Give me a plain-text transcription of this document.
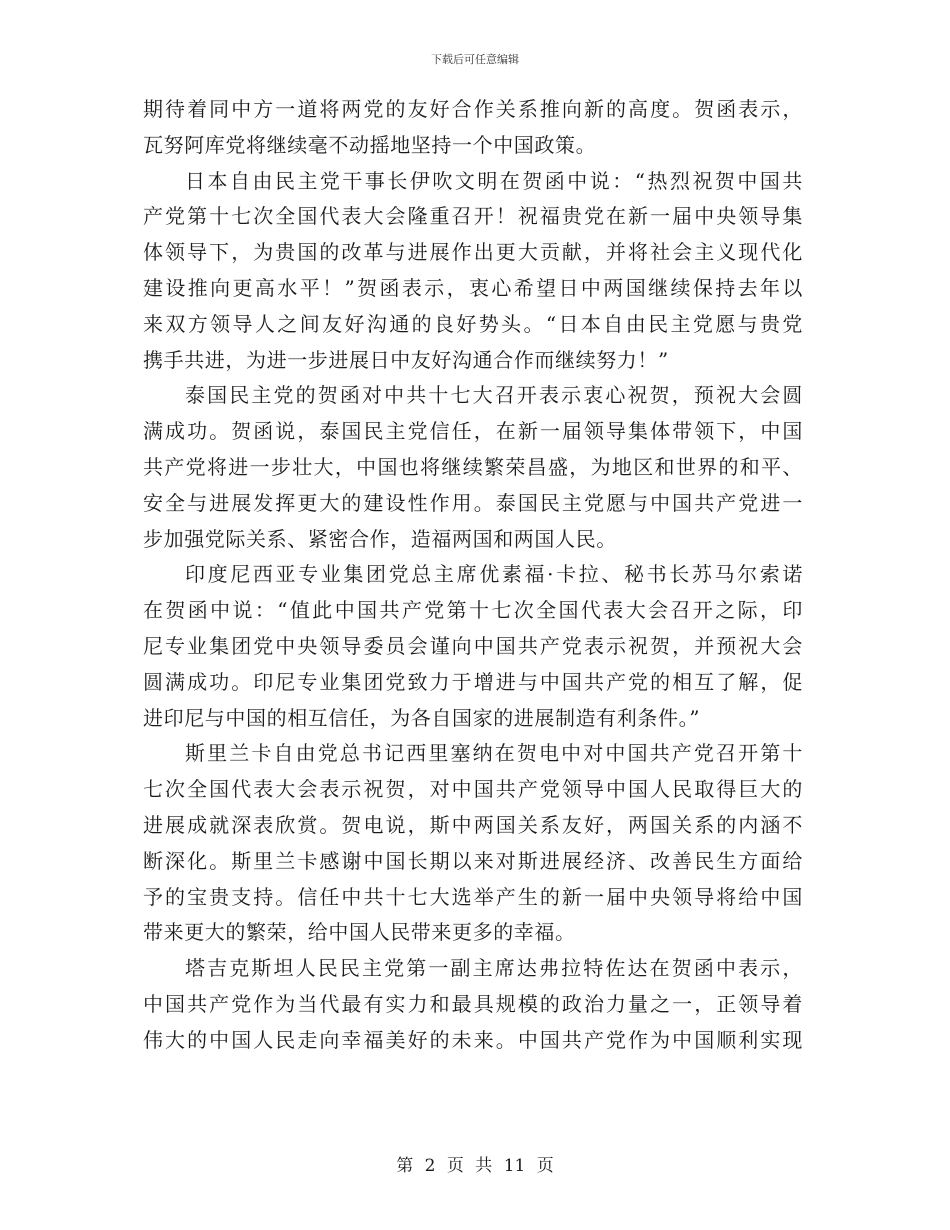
下载后可任意编辑
期待着同中方一道将两党的友好合作关系推向新的高度。贺函表示，
瓦努阿库党将继续毫不动摇地坚持一个中国政策。
日本自由民主党干事长伊吹文明在贺函中说：“热烈祝贺中国共
产党第十七次全国代表大会隆重召开！祝福贵党在新一届中央领导集
体领导下，为贵国的改革与进展作出更大贡献，并将社会主义现代化
建设推向更高水平！”贺函表示，衷心希望日中两国继续保持去年以
来双方领导人之间友好沟通的良好势头。“日本自由民主党愿与贵党
携手共进，为进一步进展日中友好沟通合作而继续努力！”
泰国民主党的贺函对中共十七大召开表示衷心祝贺，预祝大会圆
满成功。贺函说，泰国民主党信任，在新一届领导集体带领下，中国
共产党将进一步壮大，中国也将继续繁荣昌盛，为地区和世界的和平、
安全与进展发挥更大的建设性作用。泰国民主党愿与中国共产党进一
步加强党际关系、紧密合作，造福两国和两国人民。
印度尼西亚专业集团党总主席优素福·卡拉、秘书长苏马尔索诺
在贺函中说：“值此中国共产党第十七次全国代表大会召开之际，印
尼专业集团党中央领导委员会谨向中国共产党表示祝贺，并预祝大会
圆满成功。印尼专业集团党致力于增进与中国共产党的相互了解，促
进印尼与中国的相互信任，为各自国家的进展制造有利条件。”
斯里兰卡自由党总书记西里塞纳在贺电中对中国共产党召开第十
七次全国代表大会表示祝贺，对中国共产党领导中国人民取得巨大的
进展成就深表欣赏。贺电说，斯中两国关系友好，两国关系的内涵不
断深化。斯里兰卡感谢中国长期以来对斯进展经济、改善民生方面给
予的宝贵支持。信任中共十七大选举产生的新一届中央领导将给中国
带来更大的繁荣，给中国人民带来更多的幸福。
塔吉克斯坦人民民主党第一副主席达弗拉特佐达在贺函中表示，
中国共产党作为当代最有实力和最具规模的政治力量之一，正领导着
伟大的中国人民走向幸福美好的未来。中国共产党作为中国顺利实现
第 2 页 共 11 页
